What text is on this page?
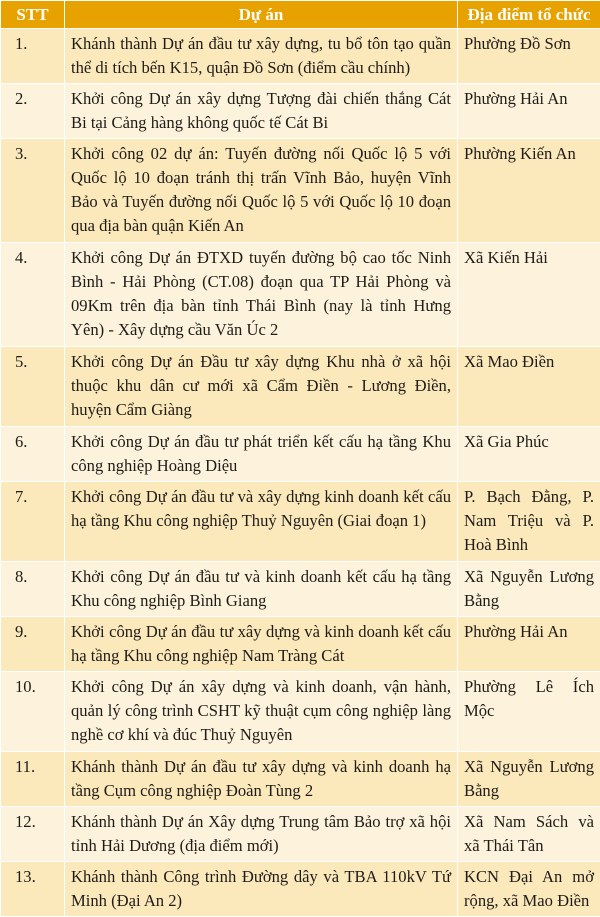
STT	Dự án	Địa điểm tổ chức
1.	Khánh thành Dự án đầu tư xây dựng, tu bổ tôn tạo quần thể di tích bến K15, quận Đồ Sơn (điểm cầu chính)	Phường Đồ Sơn
2.	Khởi công Dự án xây dựng Tượng đài chiến thắng Cát Bi tại Cảng hàng không quốc tế Cát Bi	Phường Hải An
3.	Khởi công 02 dự án: Tuyến đường nối Quốc lộ 5 với Quốc lộ 10 đoạn tránh thị trấn Vĩnh Bảo, huyện Vĩnh Bảo và Tuyến đường nối Quốc lộ 5 với Quốc lộ 10 đoạn qua địa bàn quận Kiến An	Phường Kiến An
4.	Khởi công Dự án ĐTXD tuyến đường bộ cao tốc Ninh Bình - Hải Phòng (CT.08) đoạn qua TP Hải Phòng và 09Km trên địa bàn tỉnh Thái Bình (nay là tỉnh Hưng Yên) - Xây dựng cầu Văn Úc 2	Xã Kiến Hải
5.	Khởi công Dự án Đầu tư xây dựng Khu nhà ở xã hội thuộc khu dân cư mới xã Cẩm Điền - Lương Điền, huyện Cẩm Giàng	Xã Mao Điền
6.	Khởi công Dự án đầu tư phát triển kết cấu hạ tầng Khu công nghiệp Hoàng Diệu	Xã Gia Phúc
7.	Khởi công Dự án đầu tư và xây dựng kinh doanh kết cấu hạ tầng Khu công nghiệp Thuỷ Nguyên (Giai đoạn 1)	P. Bạch Đằng, P. Nam Triệu và P. Hoà Bình
8.	Khởi công Dự án đầu tư và kinh doanh kết cấu hạ tầng Khu công nghiệp Bình Giang	Xã Nguyễn Lương Bằng
9.	Khởi công Dự án đầu tư xây dựng và kinh doanh kết cấu hạ tầng Khu công nghiệp Nam Tràng Cát	Phường Hải An
10.	Khởi công Dự án xây dựng và kinh doanh, vận hành, quản lý công trình CSHT kỹ thuật cụm công nghiệp làng nghề cơ khí và đúc Thuỷ Nguyên	Phường Lê Ích Mộc
11.	Khánh thành Dự án đầu tư xây dựng và kinh doanh hạ tầng Cụm công nghiệp Đoàn Tùng 2	Xã Nguyễn Lương Bằng
12.	Khánh thành Dự án Xây dựng Trung tâm Bảo trợ xã hội tỉnh Hải Dương (địa điểm mới)	Xã Nam Sách và xã Thái Tân
13.	Khánh thành Công trình Đường dây và TBA 110kV Tứ Minh (Đại An 2)	KCN Đại An mở rộng, xã Mao Điền
